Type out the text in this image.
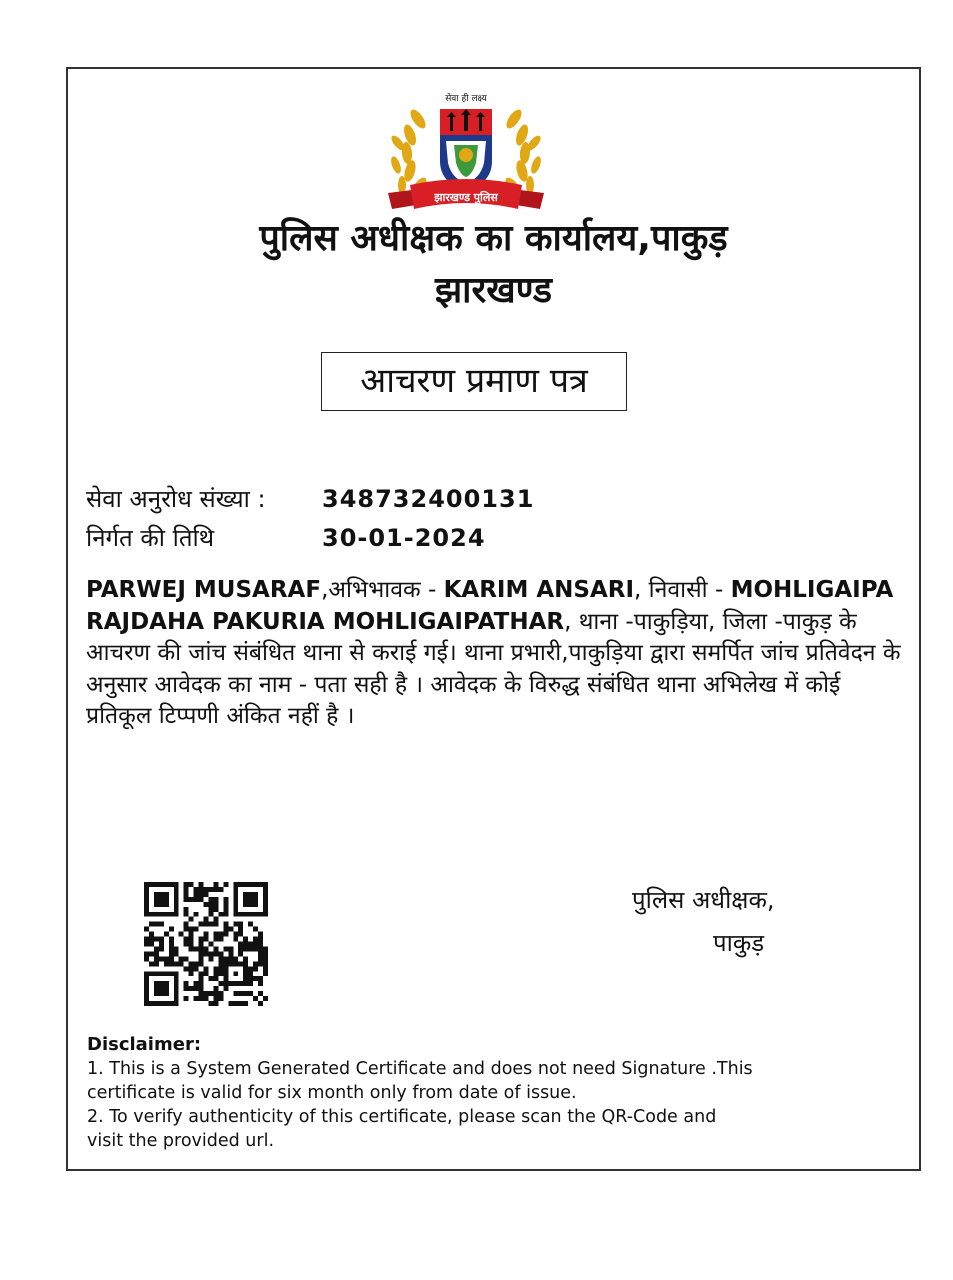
सेवा ही लक्ष्य
झारखण्ड पुलिस
पुलिस अधीक्षक का कार्यालय,पाकुड़
झारखण्ड
आचरण प्रमाण पत्र
सेवा अनुरोध संख्या : 348732400131
निर्गत की तिथि	30-01-2024

PARWEJ MUSARAF,अभिभावक - KARIM ANSARI, निवासी - MOHLIGAIPA RAJDAHA PAKURIA MOHLIGAIPATHAR, थाना -पाकुड़िया, जिला -पाकुड़ के आचरण की जांच संबंधित थाना से कराई गई। थाना प्रभारी,पाकुड़िया द्वारा समर्पित जांच प्रतिवेदन के अनुसार आवेदक का नाम - पता सही है । आवेदक के विरुद्ध संबंधित थाना अभिलेख में कोई प्रतिकूल टिप्पणी अंकित नहीं है ।

पुलिस अधीक्षक,
पाकुड़
Disclaimer:
1. This is a System Generated Certificate and does not need Signature .This
certificate is valid for six month only from date of issue.
2. To verify authenticity of this certificate, please scan the QR-Code and
visit the provided url.
